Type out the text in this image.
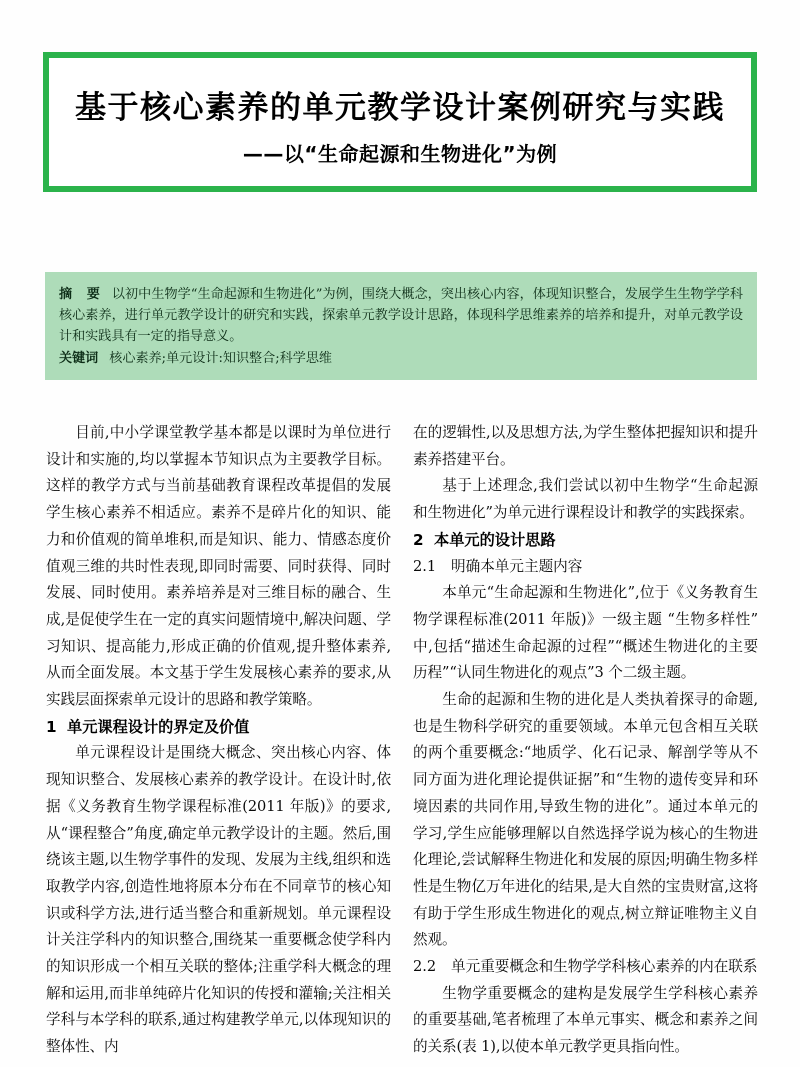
基于核心素养的单元教学设计案例研究与实践
——以“生命起源和生物进化”为例

摘 要 以初中生物学“生命起源和生物进化”为例，围绕大概念，突出核心内容，体现知识整合，发展学生生物学学科核心素养，进行单元教学设计的研究和实践，探索单元教学设计思路，体现科学思维素养的培养和提升，对单元教学设计和实践具有一定的指导意义。

关键词 核心素养;单元设计:知识整合;科学思维

目前,中小学课堂教学基本都是以课时为单位进行设计和实施的,均以掌握本节知识点为主要教学目标。这样的教学方式与当前基础教育课程改革提倡的发展学生核心素养不相适应。素养不是碎片化的知识、能力和价值观的简单堆积,而是知识、能力、情感态度价值观三维的共时性表现,即同时需要、同时获得、同时发展、同时使用。素养培养是对三维目标的融合、生成,是促使学生在一定的真实问题情境中,解决问题、学习知识、提高能力,形成正确的价值观,提升整体素养,从而全面发展。本文基于学生发展核心素养的要求,从实践层面探索单元设计的思路和教学策略。

1 单元课程设计的界定及价值

单元课程设计是围绕大概念、突出核心内容、体现知识整合、发展核心素养的教学设计。在设计时,依据《义务教育生物学课程标准(2011 年版)》的要求,从“课程整合”角度,确定单元教学设计的主题。然后,围绕该主题,以生物学事件的发现、发展为主线,组织和选取教学内容,创造性地将原本分布在不同章节的核心知识或科学方法,进行适当整合和重新规划。单元课程设计关注学科内的知识整合,围绕某一重要概念使学科内的知识形成一个相互关联的整体;注重学科大概念的理解和运用,而非单纯碎片化知识的传授和灌输;关注相关学科与本学科的联系,通过构建教学单元,以体现知识的整体性、内

在的逻辑性,以及思想方法,为学生整体把握知识和提升素养搭建平台。

基于上述理念,我们尝试以初中生物学“生命起源和生物进化”为单元进行课程设计和教学的实践探索。

2 本单元的设计思路
2.1 明确本单元主题内容

本单元“生命起源和生物进化”,位于《义务教育生物学课程标准(2011 年版)》一级主题 “生物多样性”中,包括“描述生命起源的过程”“概述生物进化的主要历程”“认同生物进化的观点”3 个二级主题。

生命的起源和生物的进化是人类执着探寻的命题,也是生物科学研究的重要领域。本单元包含相互关联的两个重要概念:“地质学、化石记录、解剖学等从不同方面为进化理论提供证据”和“生物的遗传变异和环境因素的共同作用,导致生物的进化”。通过本单元的学习,学生应能够理解以自然选择学说为核心的生物进化理论,尝试解释生物进化和发展的原因;明确生物多样性是生物亿万年进化的结果,是大自然的宝贵财富,这将有助于学生形成生物进化的观点,树立辩证唯物主义自然观。

2.2 单元重要概念和生物学学科核心素养的内在联系

生物学重要概念的建构是发展学生学科核心素养的重要基础,笔者梳理了本单元事实、概念和素养之间的关系(表 1),以使本单元教学更具指向性。
